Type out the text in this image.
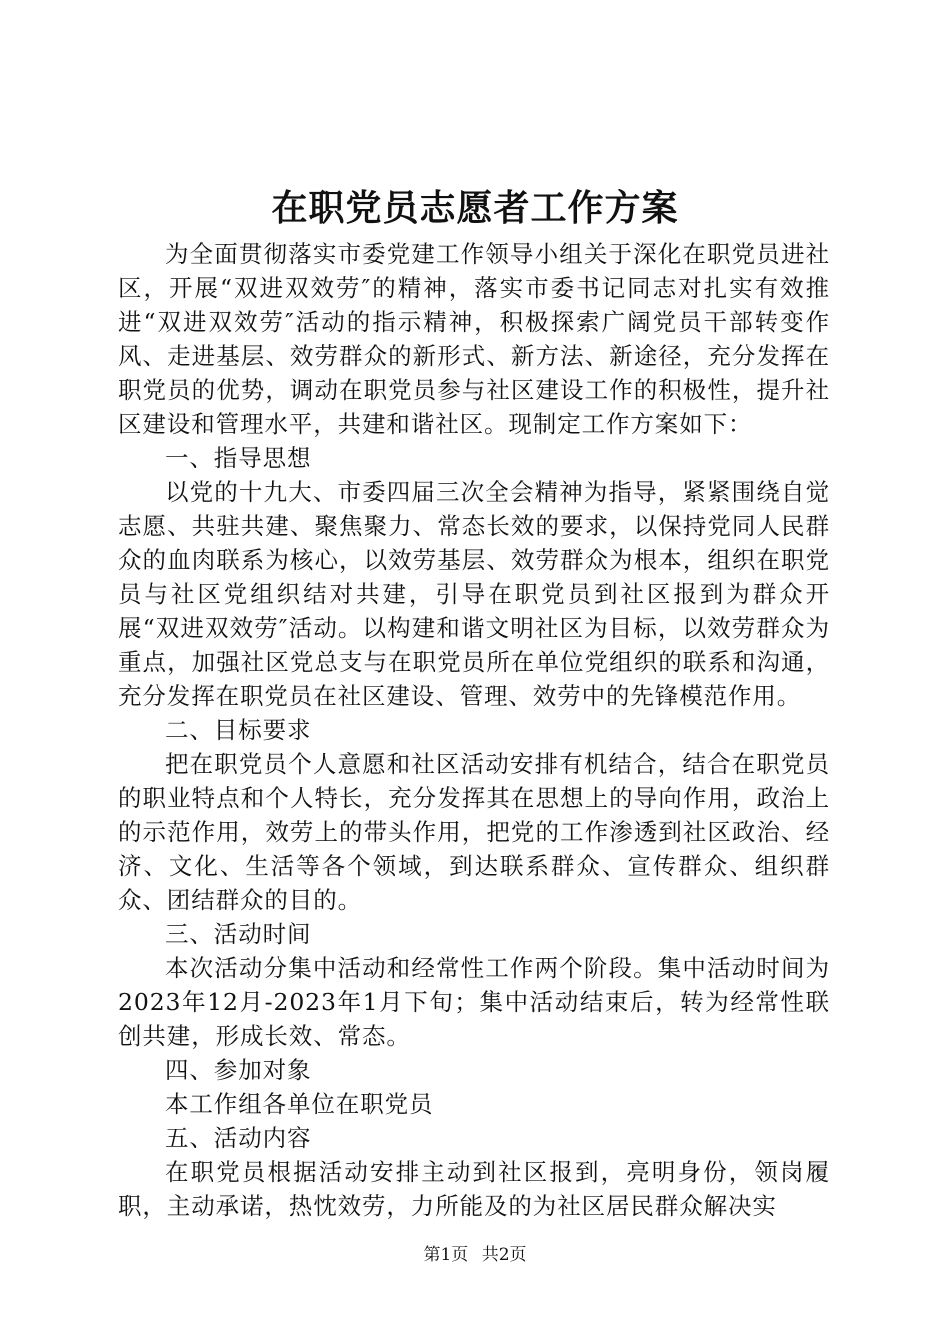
在职党员志愿者工作方案

为全面贯彻落实市委党建工作领导小组关于深化在职党员进社区，开展“双进双效劳″的精神，落实市委书记同志对扎实有效推进“双进双效劳″活动的指示精神，积极探索广阔党员干部转变作风、走进基层、效劳群众的新形式、新方法、新途径，充分发挥在职党员的优势，调动在职党员参与社区建设工作的积极性，提升社区建设和管理水平，共建和谐社区。现制定工作方案如下：

一、指导思想

以党的十九大、市委四届三次全会精神为指导，紧紧围绕自觉志愿、共驻共建、聚焦聚力、常态长效的要求，以保持党同人民群众的血肉联系为核心，以效劳基层、效劳群众为根本，组织在职党员与社区党组织结对共建，引导在职党员到社区报到为群众开展“双进双效劳″活动。以构建和谐文明社区为目标，以效劳群众为重点，加强社区党总支与在职党员所在单位党组织的联系和沟通，充分发挥在职党员在社区建设、管理、效劳中的先锋模范作用。

二、目标要求

把在职党员个人意愿和社区活动安排有机结合，结合在职党员的职业特点和个人特长，充分发挥其在思想上的导向作用，政治上的示范作用，效劳上的带头作用，把党的工作渗透到社区政治、经济、文化、生活等各个领域，到达联系群众、宣传群众、组织群众、团结群众的目的。

三、活动时间

本次活动分集中活动和经常性工作两个阶段。集中活动时间为2023年12月-2023年1月下旬；集中活动结束后，转为经常性联创共建，形成长效、常态。

四、参加对象

本工作组各单位在职党员

五、活动内容

在职党员根据活动安排主动到社区报到，亮明身份，领岗履职，主动承诺，热忱效劳，力所能及的为社区居民群众解决实

第1页 共2页
